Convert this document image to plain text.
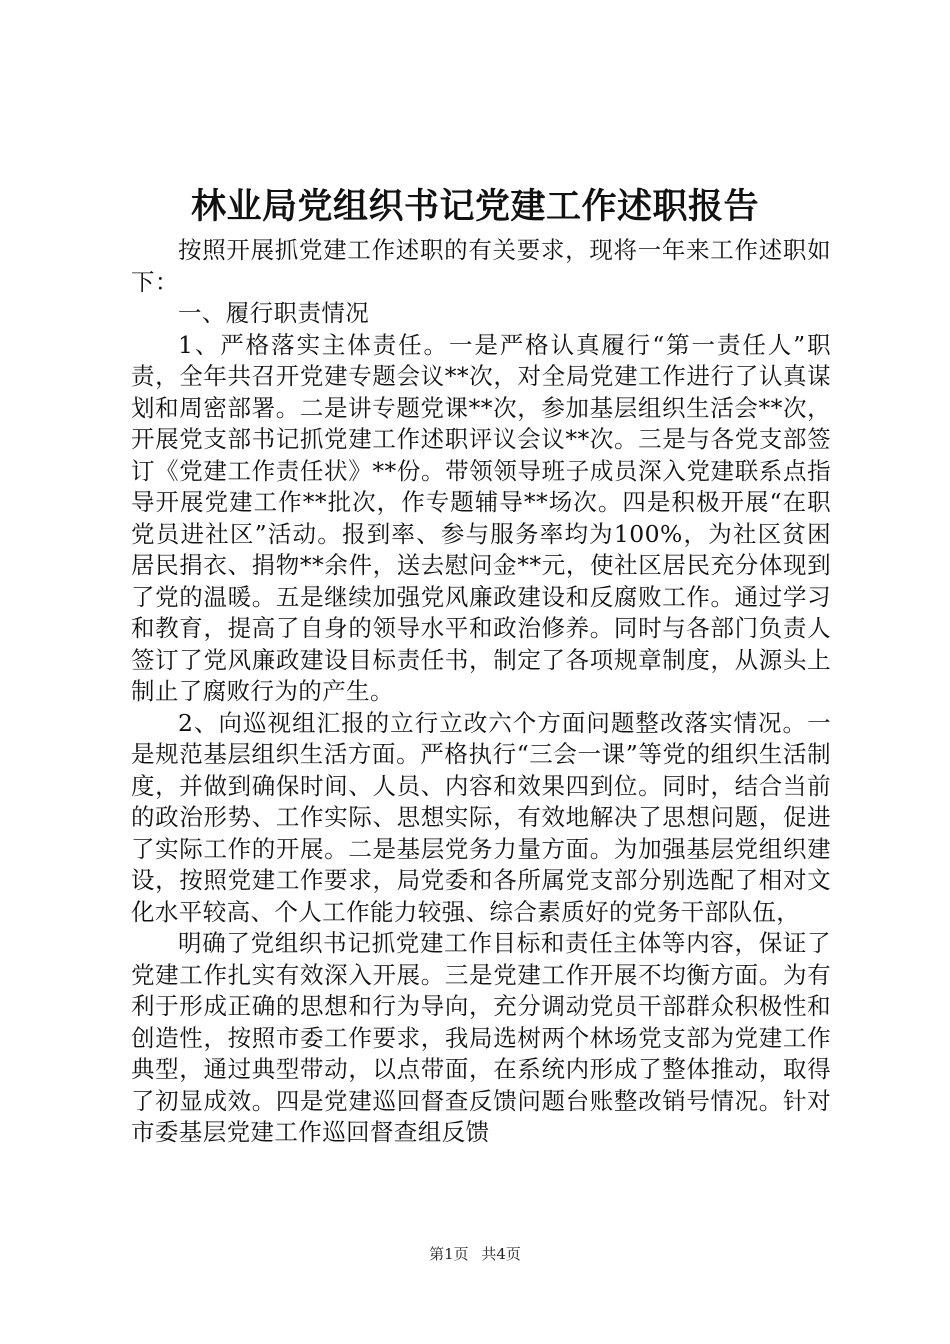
林业局党组织书记党建工作述职报告

按照开展抓党建工作述职的有关要求，现将一年来工作述职如下：

一、履行职责情况

1、严格落实主体责任。一是严格认真履行“第一责任人”职责，全年共召开党建专题会议**次，对全局党建工作进行了认真谋划和周密部署。二是讲专题党课**次，参加基层组织生活会**次，开展党支部书记抓党建工作述职评议会议**次。三是与各党支部签订《党建工作责任状》**份。带领领导班子成员深入党建联系点指导开展党建工作**批次，作专题辅导**场次。四是积极开展“在职党员进社区”活动。报到率、参与服务率均为100%，为社区贫困居民捐衣、捐物**余件，送去慰问金**元，使社区居民充分体现到了党的温暖。五是继续加强党风廉政建设和反腐败工作。通过学习和教育，提高了自身的领导水平和政治修养。同时与各部门负责人签订了党风廉政建设目标责任书，制定了各项规章制度，从源头上制止了腐败行为的产生。

2、向巡视组汇报的立行立改六个方面问题整改落实情况。一是规范基层组织生活方面。严格执行“三会一课”等党的组织生活制度，并做到确保时间、人员、内容和效果四到位。同时，结合当前的政治形势、工作实际、思想实际，有效地解决了思想问题，促进了实际工作的开展。二是基层党务力量方面。为加强基层党组织建设，按照党建工作要求，局党委和各所属党支部分别选配了相对文化水平较高、个人工作能力较强、综合素质好的党务干部队伍，

明确了党组织书记抓党建工作目标和责任主体等内容，保证了党建工作扎实有效深入开展。三是党建工作开展不均衡方面。为有利于形成正确的思想和行为导向，充分调动党员干部群众积极性和创造性，按照市委工作要求，我局选树两个林场党支部为党建工作典型，通过典型带动，以点带面，在系统内形成了整体推动，取得了初显成效。四是党建巡回督查反馈问题台账整改销号情况。针对市委基层党建工作巡回督查组反馈

第1页 共4页
